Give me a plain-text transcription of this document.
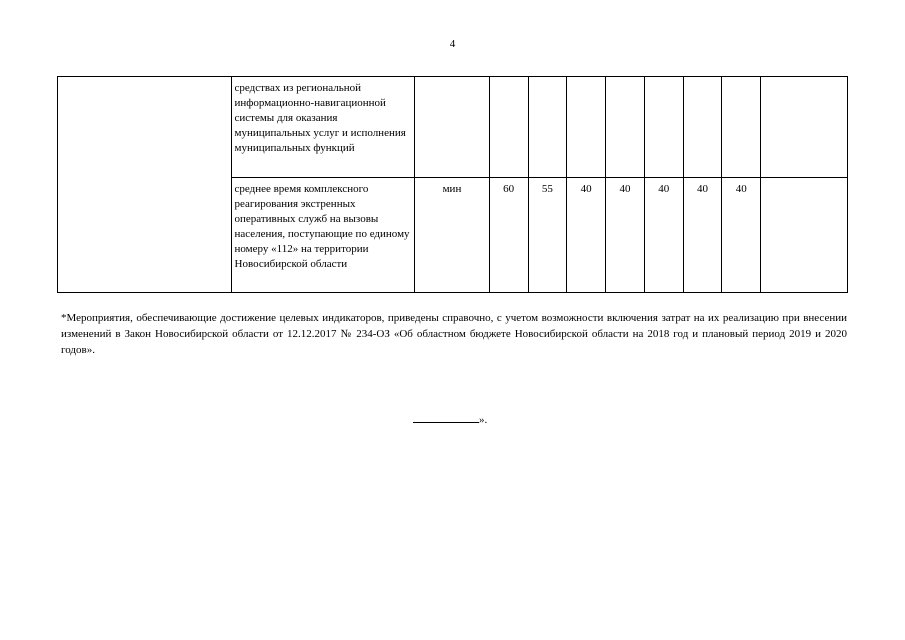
4
	средствах из региональной информационно-навигационной системы для оказания муниципальных услуг и исполнения муниципальных функций									
	среднее время комплексного реагирования экстренных оперативных служб на вызовы населения, поступающие по единому номеру «112» на территории Новосибирской области	мин	60	55	40	40	40	40	40	
*Мероприятия, обеспечивающие достижение целевых индикаторов, приведены справочно, с учетом возможности включения затрат на их реализацию при внесении изменений в Закон Новосибирской области от 12.12.2017 № 234-ОЗ «Об областном бюджете Новосибирской области на 2018 год и плановый период 2019 и 2020 годов».
».
